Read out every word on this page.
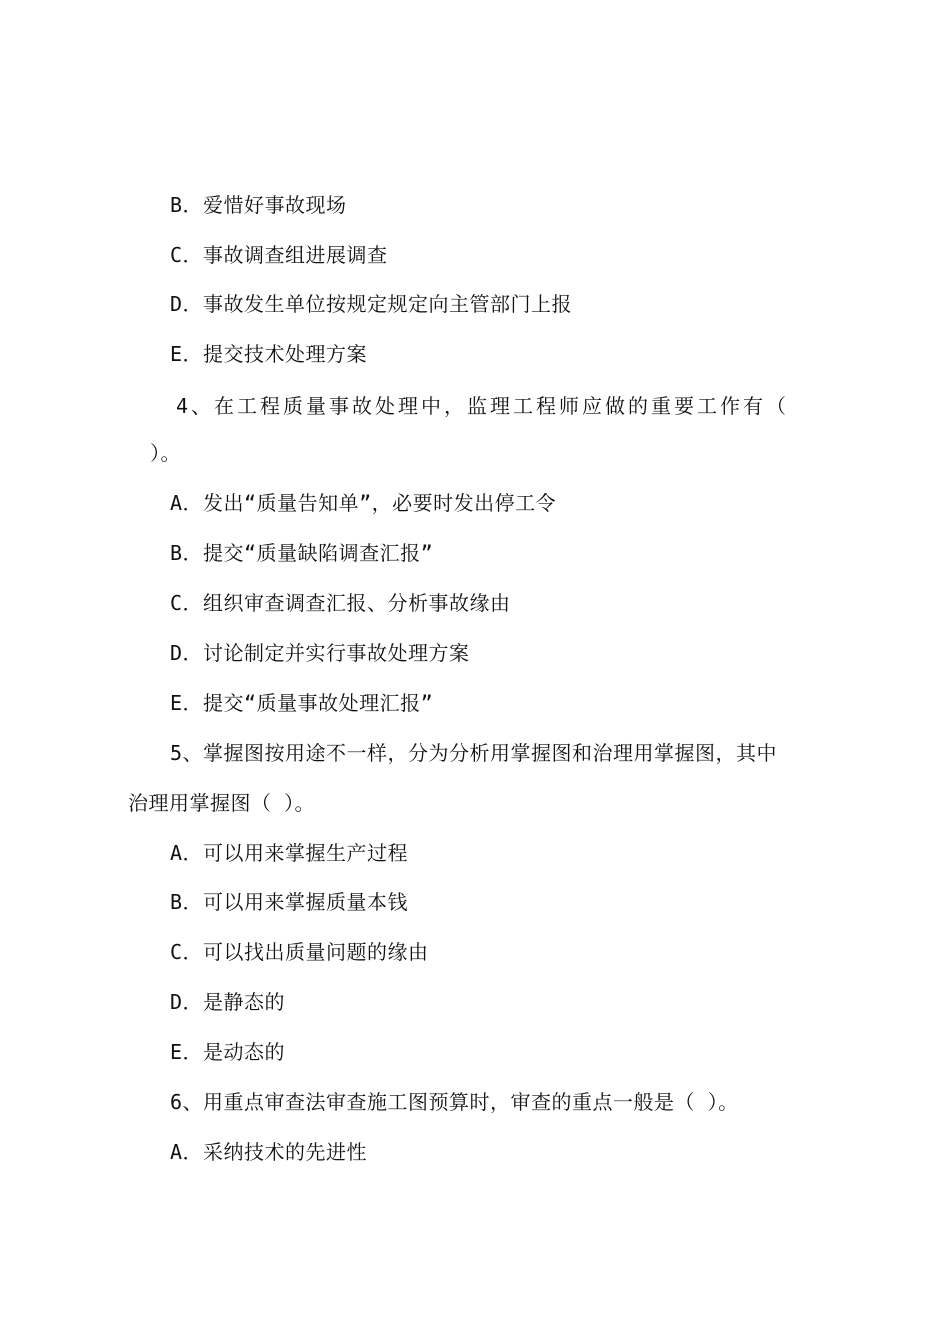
B．爱惜好事故现场
C．事故调查组进展调查
D．事故发生单位按规定规定向主管部门上报
E．提交技术处理方案
4、在工程质量事故处理中，监理工程师应做的重要工作有（
）。
A．发出“质量告知单”，必要时发出停工令
B．提交“质量缺陷调查汇报”
C．组织审查调查汇报、分析事故缘由
D．讨论制定并实行事故处理方案
E．提交“质量事故处理汇报”
5、掌握图按用途不一样，分为分析用掌握图和治理用掌握图，其中
治理用掌握图（ ）。
A．可以用来掌握生产过程
B．可以用来掌握质量本钱
C．可以找出质量问题的缘由
D．是静态的
E．是动态的
6、用重点审查法审查施工图预算时，审查的重点一般是（ ）。
A．采纳技术的先进性
